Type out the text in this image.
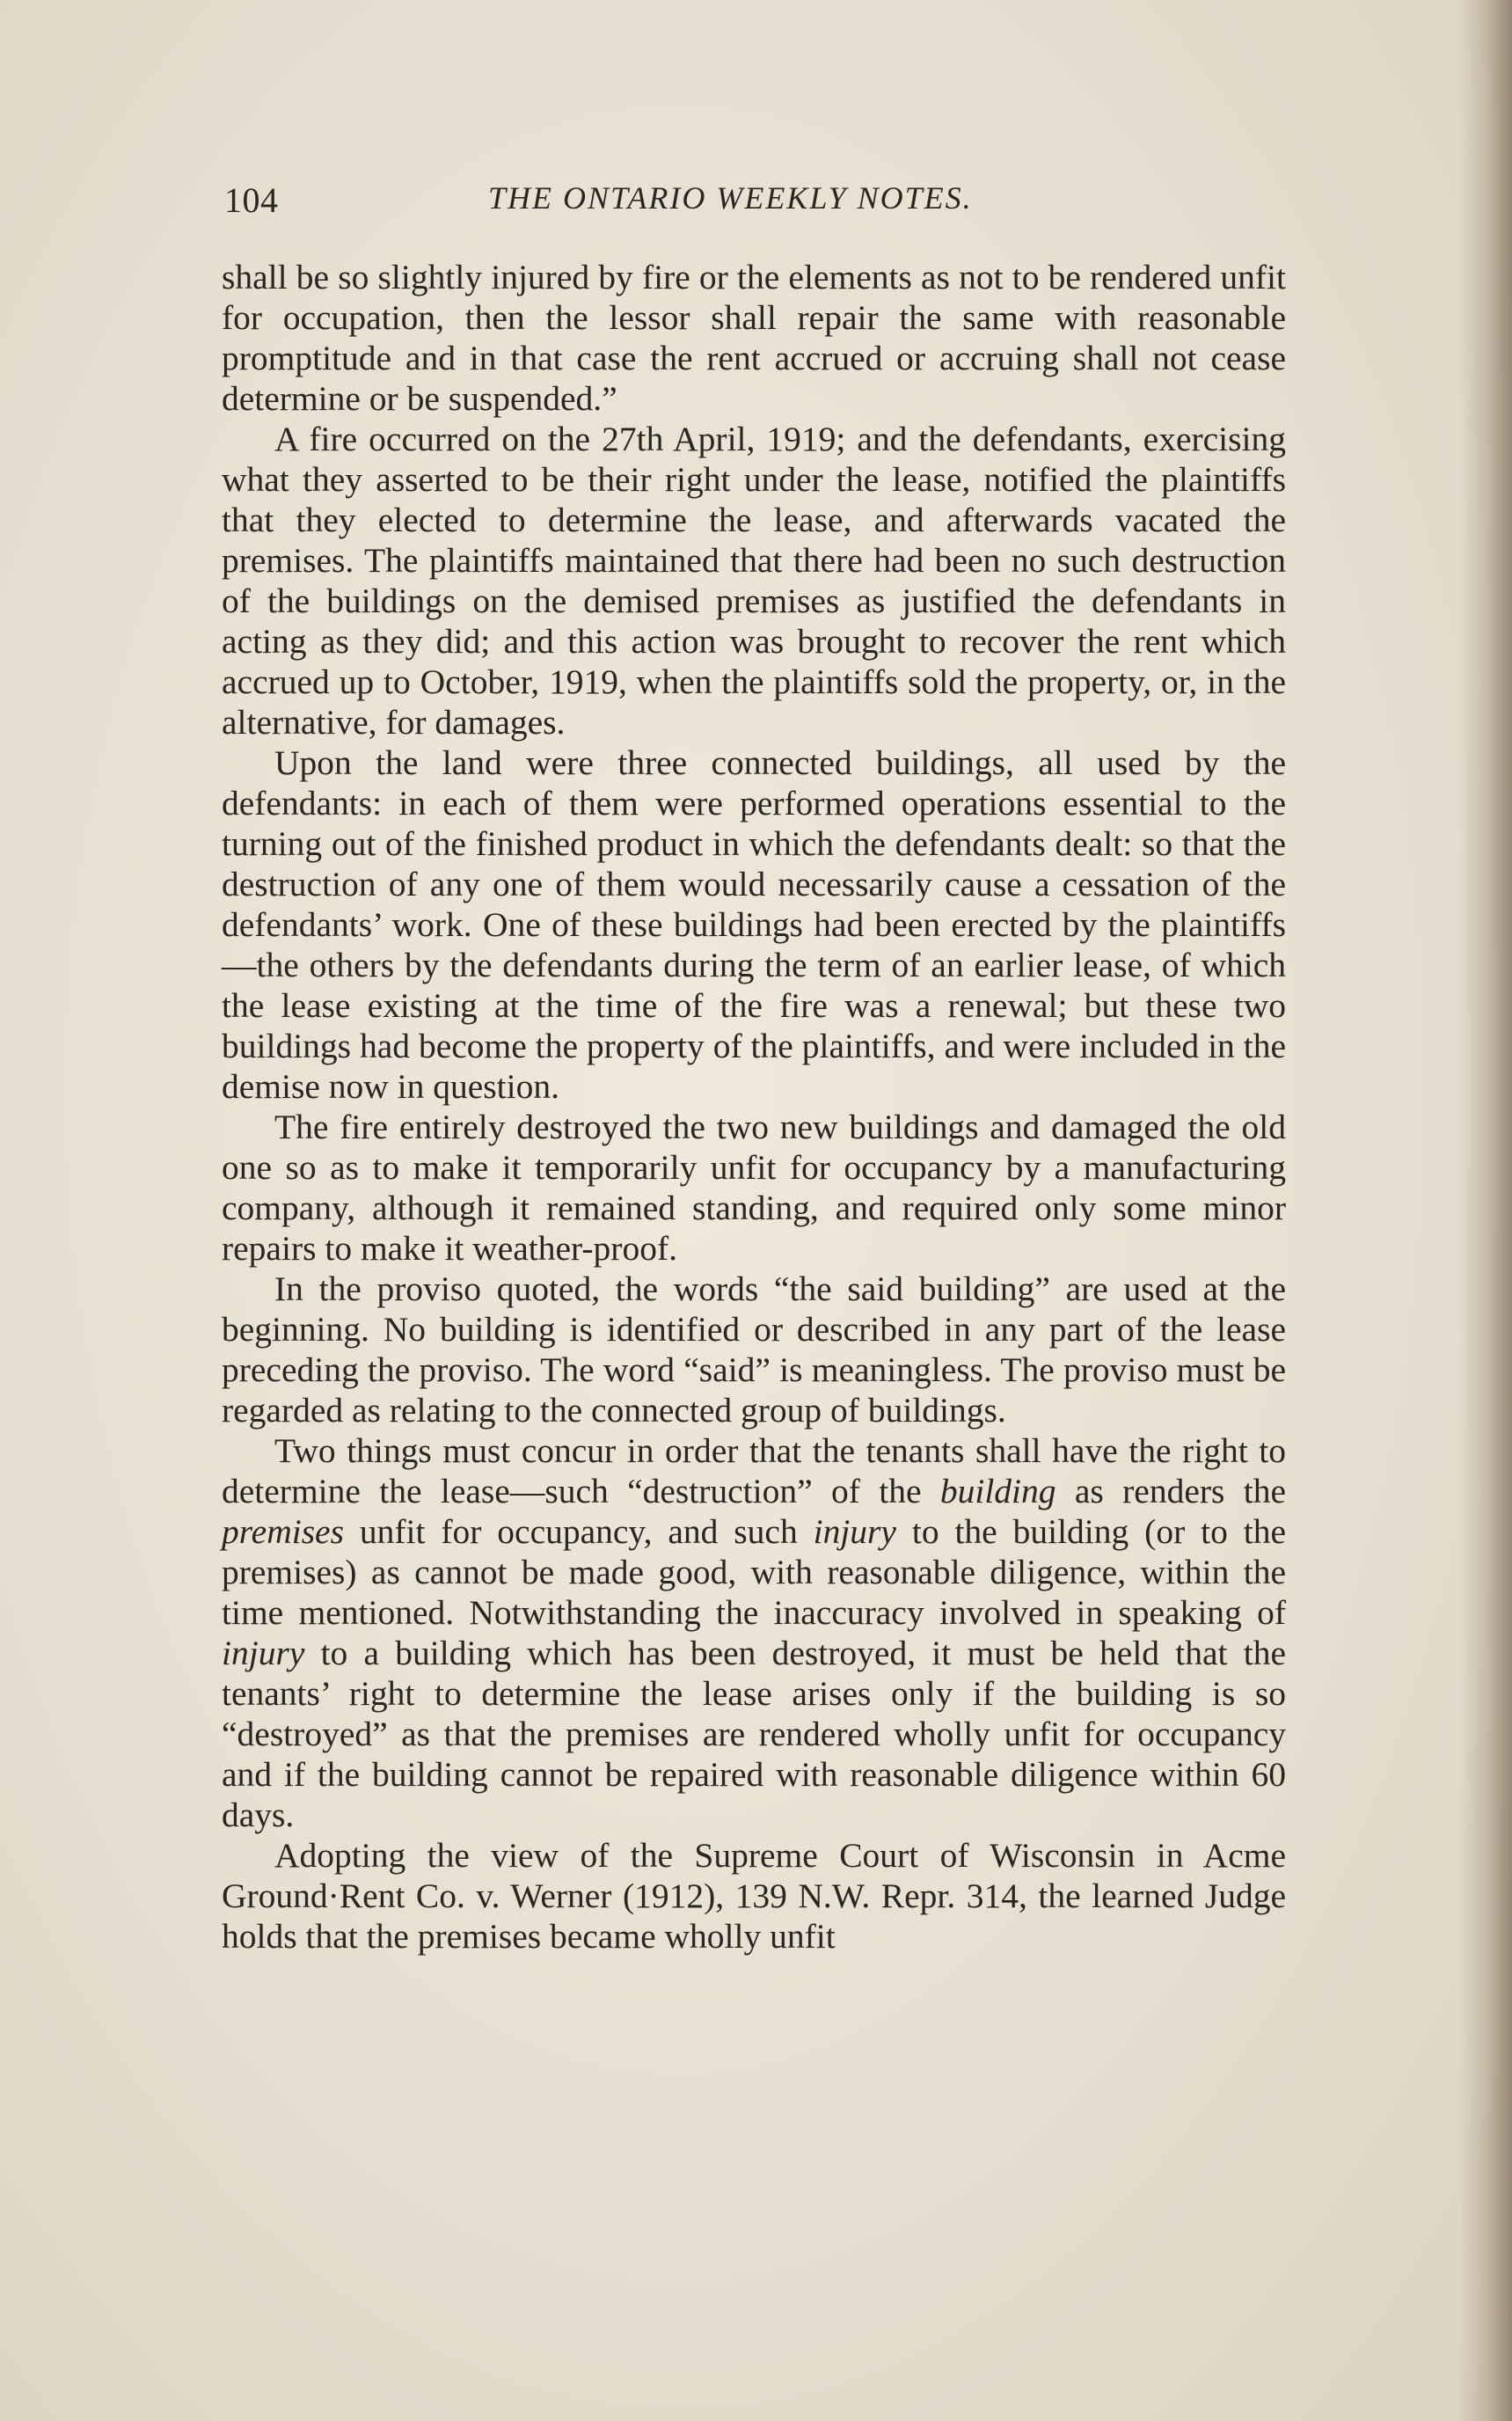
104	THE ONTARIO WEEKLY NOTES.

shall be so slightly injured by fire or the elements as not to be rendered unfit for occupation, then the lessor shall repair the same with reasonable promptitude and in that case the rent accrued or accruing shall not cease determine or be suspended.”

A fire occurred on the 27th April, 1919; and the defendants, exercising what they asserted to be their right under the lease, notified the plaintiffs that they elected to determine the lease, and afterwards vacated the premises. The plaintiffs maintained that there had been no such destruction of the buildings on the demised premises as justified the defendants in acting as they did; and this action was brought to recover the rent which accrued up to October, 1919, when the plaintiffs sold the property, or, in the alternative, for damages.

Upon the land were three connected buildings, all used by the defendants: in each of them were performed operations essential to the turning out of the finished product in which the defendants dealt: so that the destruction of any one of them would necessarily cause a cessation of the defendants’ work. One of these buildings had been erected by the plaintiffs—the others by the defendants during the term of an earlier lease, of which the lease existing at the time of the fire was a renewal; but these two buildings had become the property of the plaintiffs, and were included in the demise now in question.

The fire entirely destroyed the two new buildings and damaged the old one so as to make it temporarily unfit for occupancy by a manufacturing company, although it remained standing, and required only some minor repairs to make it weather-proof.

In the proviso quoted, the words “the said building” are used at the beginning. No building is identified or described in any part of the lease preceding the proviso. The word “said” is meaningless. The proviso must be regarded as relating to the connected group of buildings.

Two things must concur in order that the tenants shall have the right to determine the lease—such “destruction” of the building as renders the premises unfit for occupancy, and such injury to the building (or to the premises) as cannot be made good, with reasonable diligence, within the time mentioned. Notwithstanding the inaccuracy involved in speaking of injury to a building which has been destroyed, it must be held that the tenants’ right to determine the lease arises only if the building is so “destroyed” as that the premises are rendered wholly unfit for occupancy and if the building cannot be repaired with reasonable diligence within 60 days.

Adopting the view of the Supreme Court of Wisconsin in Acme Ground·Rent Co. v. Werner (1912), 139 N.W. Repr. 314, the learned Judge holds that the premises became wholly unfit
